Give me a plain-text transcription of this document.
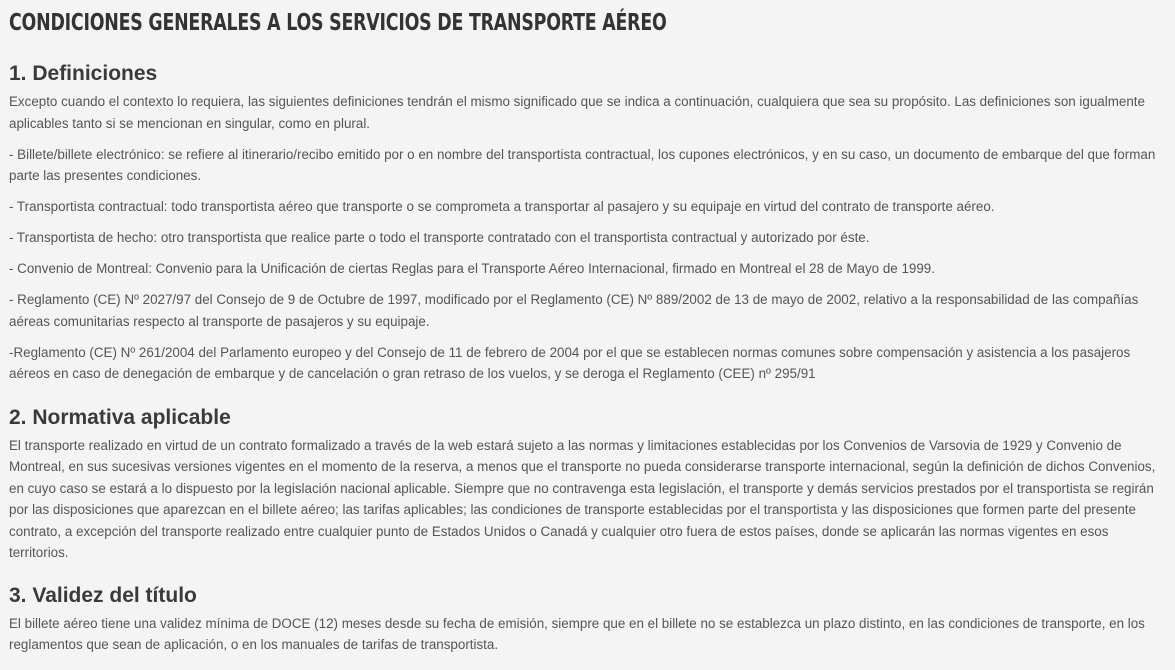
CONDICIONES GENERALES A LOS SERVICIOS DE TRANSPORTE AÉREO
1. Definiciones

Excepto cuando el contexto lo requiera, las siguientes definiciones tendrán el mismo significado que se indica a continuación, cualquiera que sea su propósito. Las definiciones son igualmente aplicables tanto si se mencionan en singular, como en plural.

- Billete/billete electrónico: se refiere al itinerario/recibo emitido por o en nombre del transportista contractual, los cupones electrónicos, y en su caso, un documento de embarque del que forman parte las presentes condiciones.

- Transportista contractual: todo transportista aéreo que transporte o se comprometa a transportar al pasajero y su equipaje en virtud del contrato de transporte aéreo.

- Transportista de hecho: otro transportista que realice parte o todo el transporte contratado con el transportista contractual y autorizado por éste.

- Convenio de Montreal: Convenio para la Unificación de ciertas Reglas para el Transporte Aéreo Internacional, firmado en Montreal el 28 de Mayo de 1999.

- Reglamento (CE) Nº 2027/97 del Consejo de 9 de Octubre de 1997, modificado por el Reglamento (CE) Nº 889/2002 de 13 de mayo de 2002, relativo a la responsabilidad de las compañías aéreas comunitarias respecto al transporte de pasajeros y su equipaje.

-Reglamento (CE) Nº 261/2004 del Parlamento europeo y del Consejo de 11 de febrero de 2004 por el que se establecen normas comunes sobre compensación y asistencia a los pasajeros aéreos en caso de denegación de embarque y de cancelación o gran retraso de los vuelos, y se deroga el Reglamento (CEE) nº 295/91

2. Normativa aplicable

El transporte realizado en virtud de un contrato formalizado a través de la web estará sujeto a las normas y limitaciones establecidas por los Convenios de Varsovia de 1929 y Convenio de Montreal, en sus sucesivas versiones vigentes en el momento de la reserva, a menos que el transporte no pueda considerarse transporte internacional, según la definición de dichos Convenios, en cuyo caso se estará a lo dispuesto por la legislación nacional aplicable. Siempre que no contravenga esta legislación, el transporte y demás servicios prestados por el transportista se regirán por las disposiciones que aparezcan en el billete aéreo; las tarifas aplicables; las condiciones de transporte establecidas por el transportista y las disposiciones que formen parte del presente contrato, a excepción del transporte realizado entre cualquier punto de Estados Unidos o Canadá y cualquier otro fuera de estos países, donde se aplicarán las normas vigentes en esos territorios.

3. Validez del título

El billete aéreo tiene una validez mínima de DOCE (12) meses desde su fecha de emisión, siempre que en el billete no se establezca un plazo distinto, en las condiciones de transporte, en los reglamentos que sean de aplicación, o en los manuales de tarifas de transportista.
